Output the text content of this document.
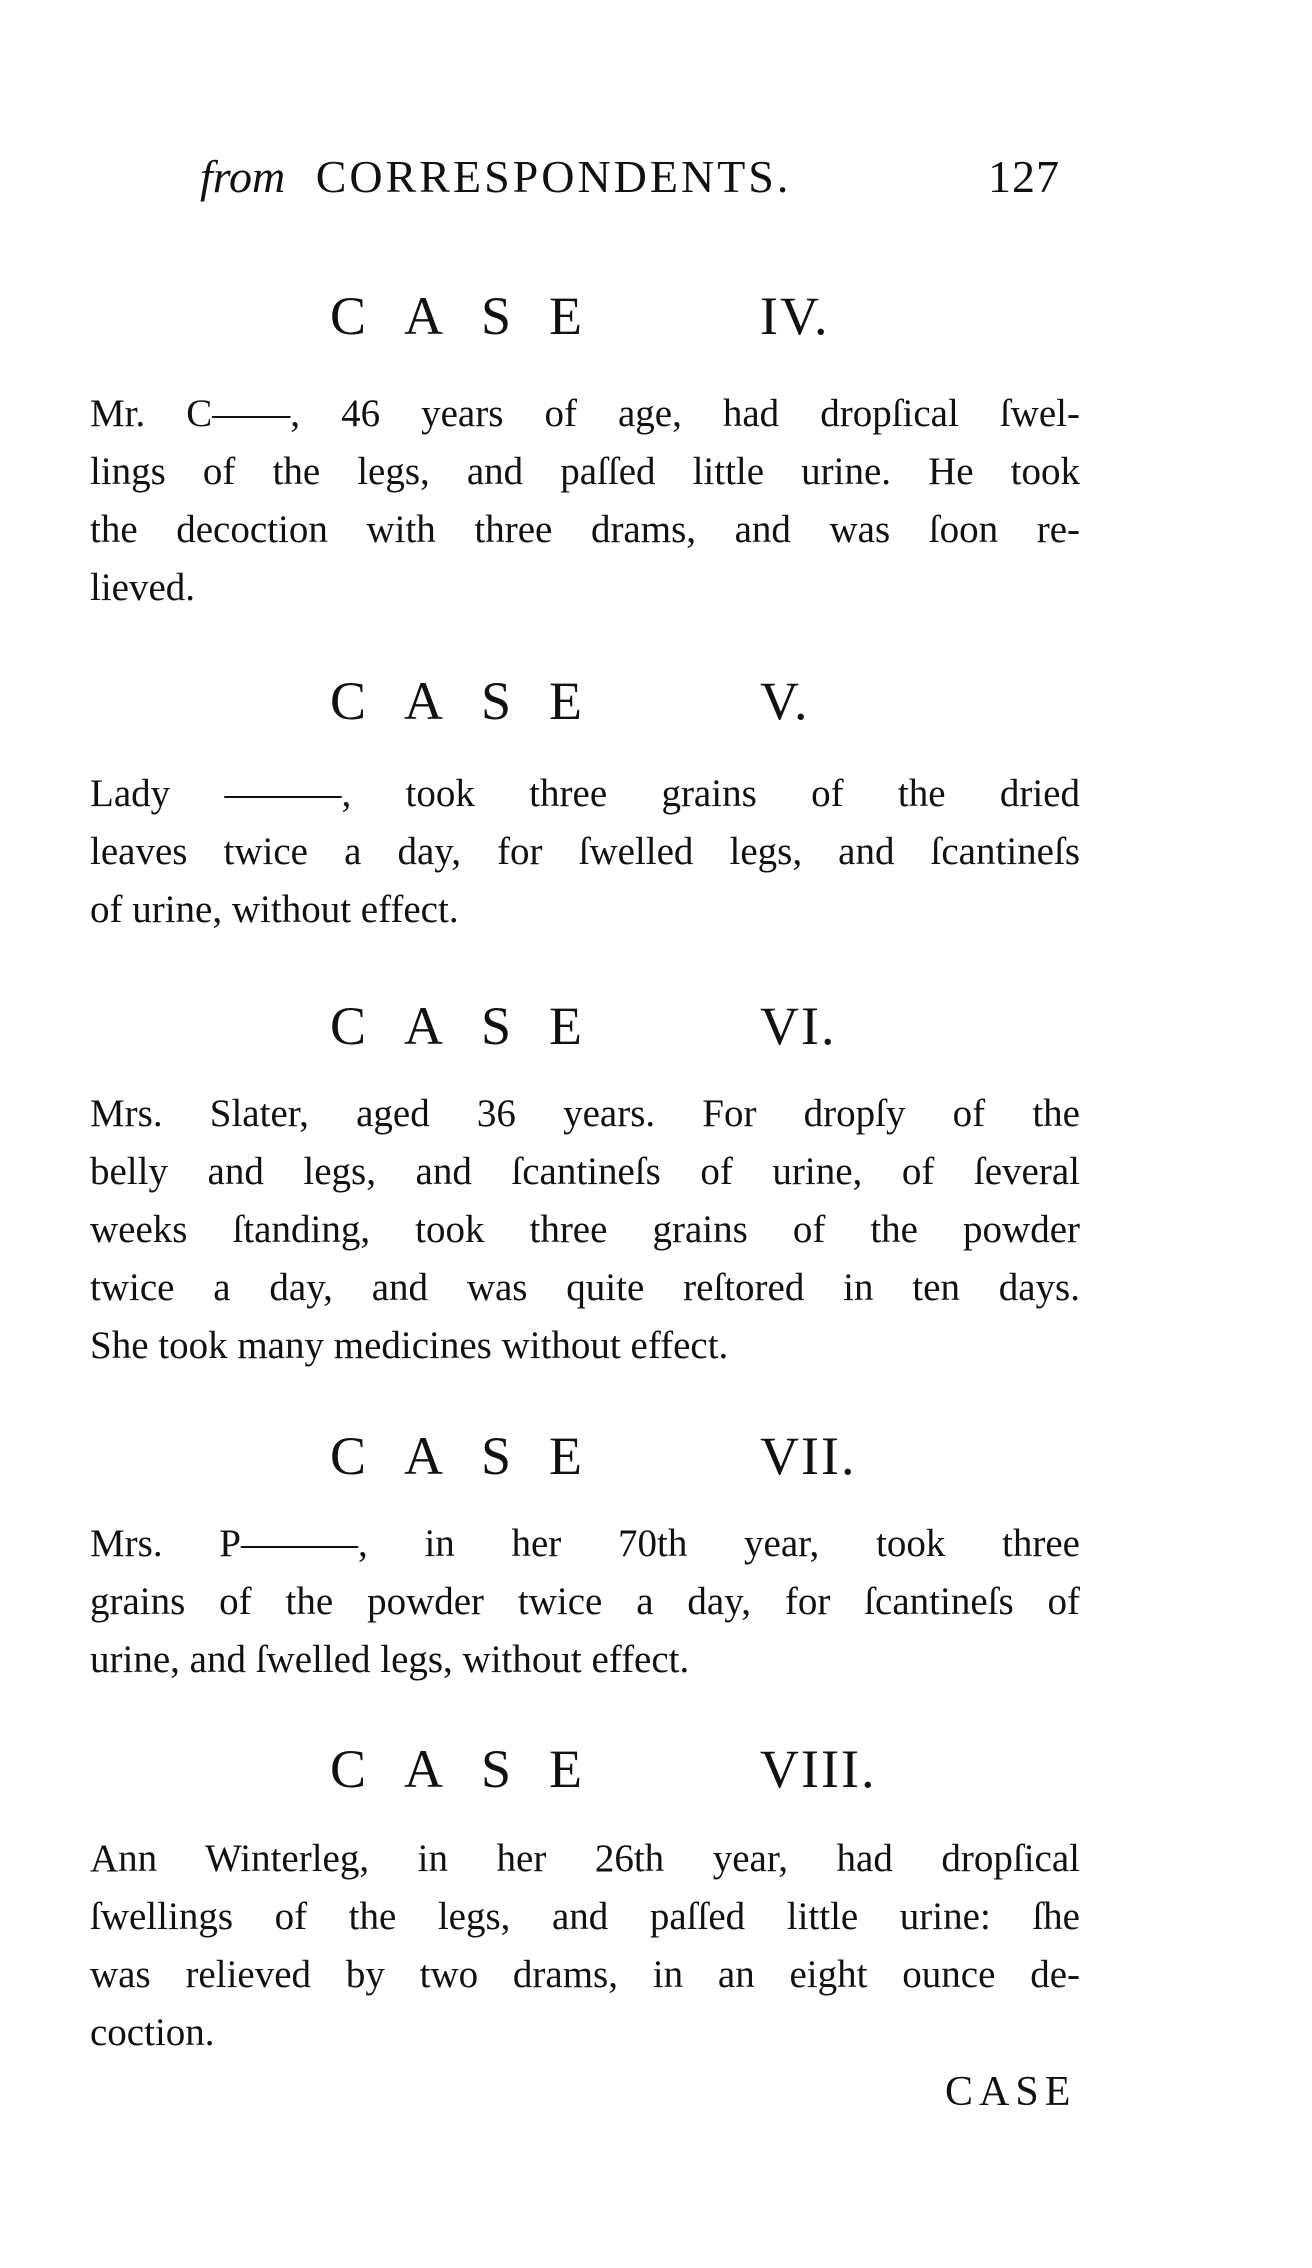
from CORRESPONDENTS.	127
CASE	IV.
Mr. C——, 46 years of age, had dropſical ſwel-
lings of the legs, and paſſed little urine. He took
the decoction with three drams, and was ſoon re-
lieved.
CASE	V.
Lady ———, took three grains of the dried
leaves twice a day, for ſwelled legs, and ſcantineſs
of urine, without effect.
CASE	VI.
Mrs. Slater, aged 36 years. For dropſy of the
belly and legs, and ſcantineſs of urine, of ſeveral
weeks ſtanding, took three grains of the powder
twice a day, and was quite reſtored in ten days.
She took many medicines without effect.
CASE	VII.
Mrs. P———, in her 70th year, took three
grains of the powder twice a day, for ſcantineſs of
urine, and ſwelled legs, without effect.
CASE	VIII.
Ann Winterleg, in her 26th year, had dropſical
ſwellings of the legs, and paſſed little urine: ſhe
was relieved by two drams, in an eight ounce de-
coction.
CASE
